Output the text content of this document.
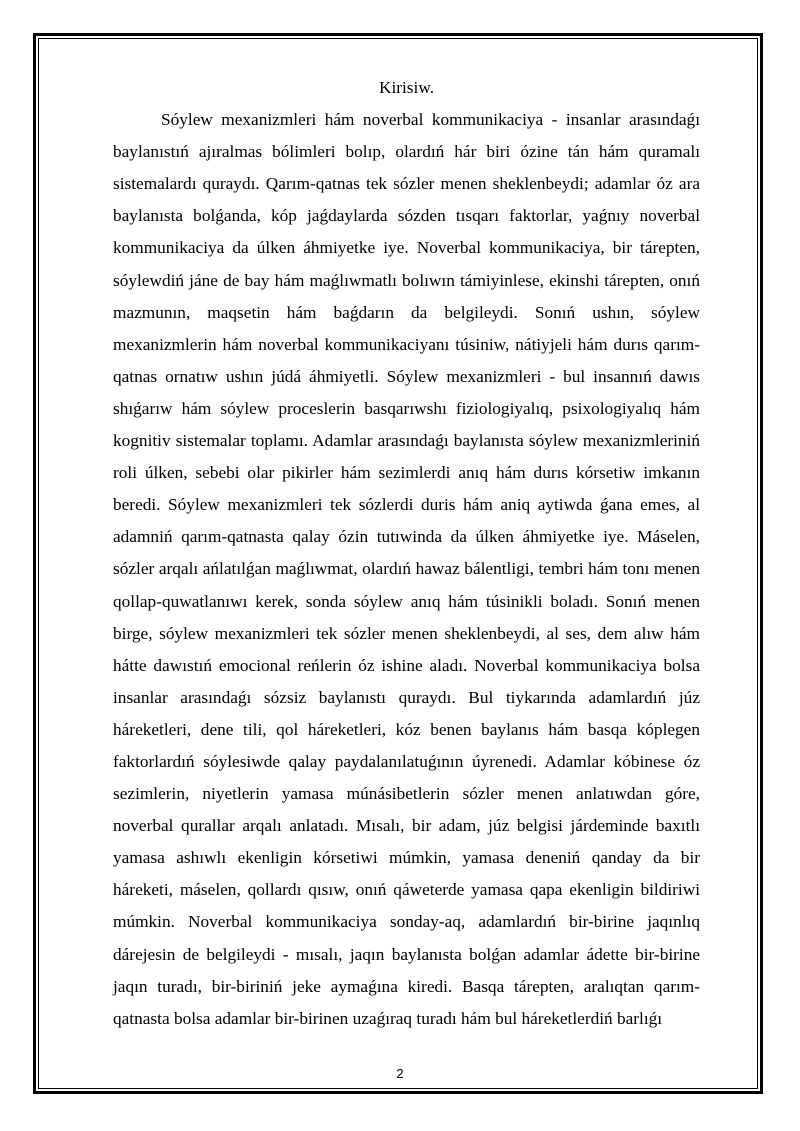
Kirisiw.

Sóylew mexanizmleri hám noverbal kommunikaciya - insanlar arasındaǵı baylanıstıń ajıralmas bólimleri bolıp, olardıń hár biri ózine tán hám quramalı sistemalardı quraydı. Qarım-qatnas tek sózler menen sheklenbeydi; adamlar óz ara baylanısta bolǵanda, kóp jaǵdaylarda sózden tısqarı faktorlar, yaǵnıy noverbal kommunikaciya da úlken áhmiyetke iye. Noverbal kommunikaciya, bir tárepten, sóylewdiń jáne de bay hám maǵlıwmatlı bolıwın támiyinlese, ekinshi tárepten, onıń mazmunın, maqsetin hám baǵdarın da belgileydi. Sonıń ushın, sóylew mexanizmlerin hám noverbal kommunikaciyanı túsiniw, nátiyjeli hám durıs qarım-qatnas ornatıw ushın júdá áhmiyetli. Sóylew mexanizmleri - bul insannıń dawıs shıǵarıw hám sóylew proceslerin basqarıwshı fiziologiyalıq, psixologiyalıq hám kognitiv sistemalar toplamı. Adamlar arasındaǵı baylanısta sóylew mexanizmleriniń roli úlken, sebebi olar pikirler hám sezimlerdi anıq hám durıs kórsetiw imkanın beredi. Sóylew mexanizmleri tek sózlerdi duris hám aniq aytiwda ǵana emes, al adamniń qarım-qatnasta qalay ózin tutıwinda da úlken áhmiyetke iye. Máselen, sózler arqalı ańlatılǵan maǵlıwmat, olardıń hawaz bálentligi, tembri hám tonı menen qollap-quwatlanıwı kerek, sonda sóylew anıq hám túsinikli boladı. Sonıń menen birge, sóylew mexanizmleri tek sózler menen sheklenbeydi, al ses, dem alıw hám hátte dawıstıń emocional reńlerin óz ishine aladı. Noverbal kommunikaciya bolsa insanlar arasındaǵı sózsiz baylanıstı quraydı. Bul tiykarında adamlardıń júz háreketleri, dene tili, qol háreketleri, kóz benen baylanıs hám basqa kóplegen faktorlardıń sóylesiwde qalay paydalanılatuǵının úyrenedi. Adamlar kóbinese óz sezimlerin, niyetlerin yamasa múnásibetlerin sózler menen anlatıwdan góre, noverbal qurallar arqalı anlatadı. Mısalı, bir adam, júz belgisi járdeminde baxıtlı yamasa ashıwlı ekenligin kórsetiwi múmkin, yamasa deneniń qanday da bir háreketi, máselen, qollardı qısıw, onıń qáweterde yamasa qapa ekenligin bildiriwi múmkin. Noverbal kommunikaciya sonday-aq, adamlardıń bir-birine jaqınlıq dárejesin de belgileydi - mısalı, jaqın baylanısta bolǵan adamlar ádette bir-birine jaqın turadı, bir-biriniń jeke aymaǵına kiredi. Basqa tárepten, aralıqtan qarım-qatnasta bolsa adamlar bir-birinen uzaǵıraq turadı hám bul háreketlerdiń barlıǵı

2
